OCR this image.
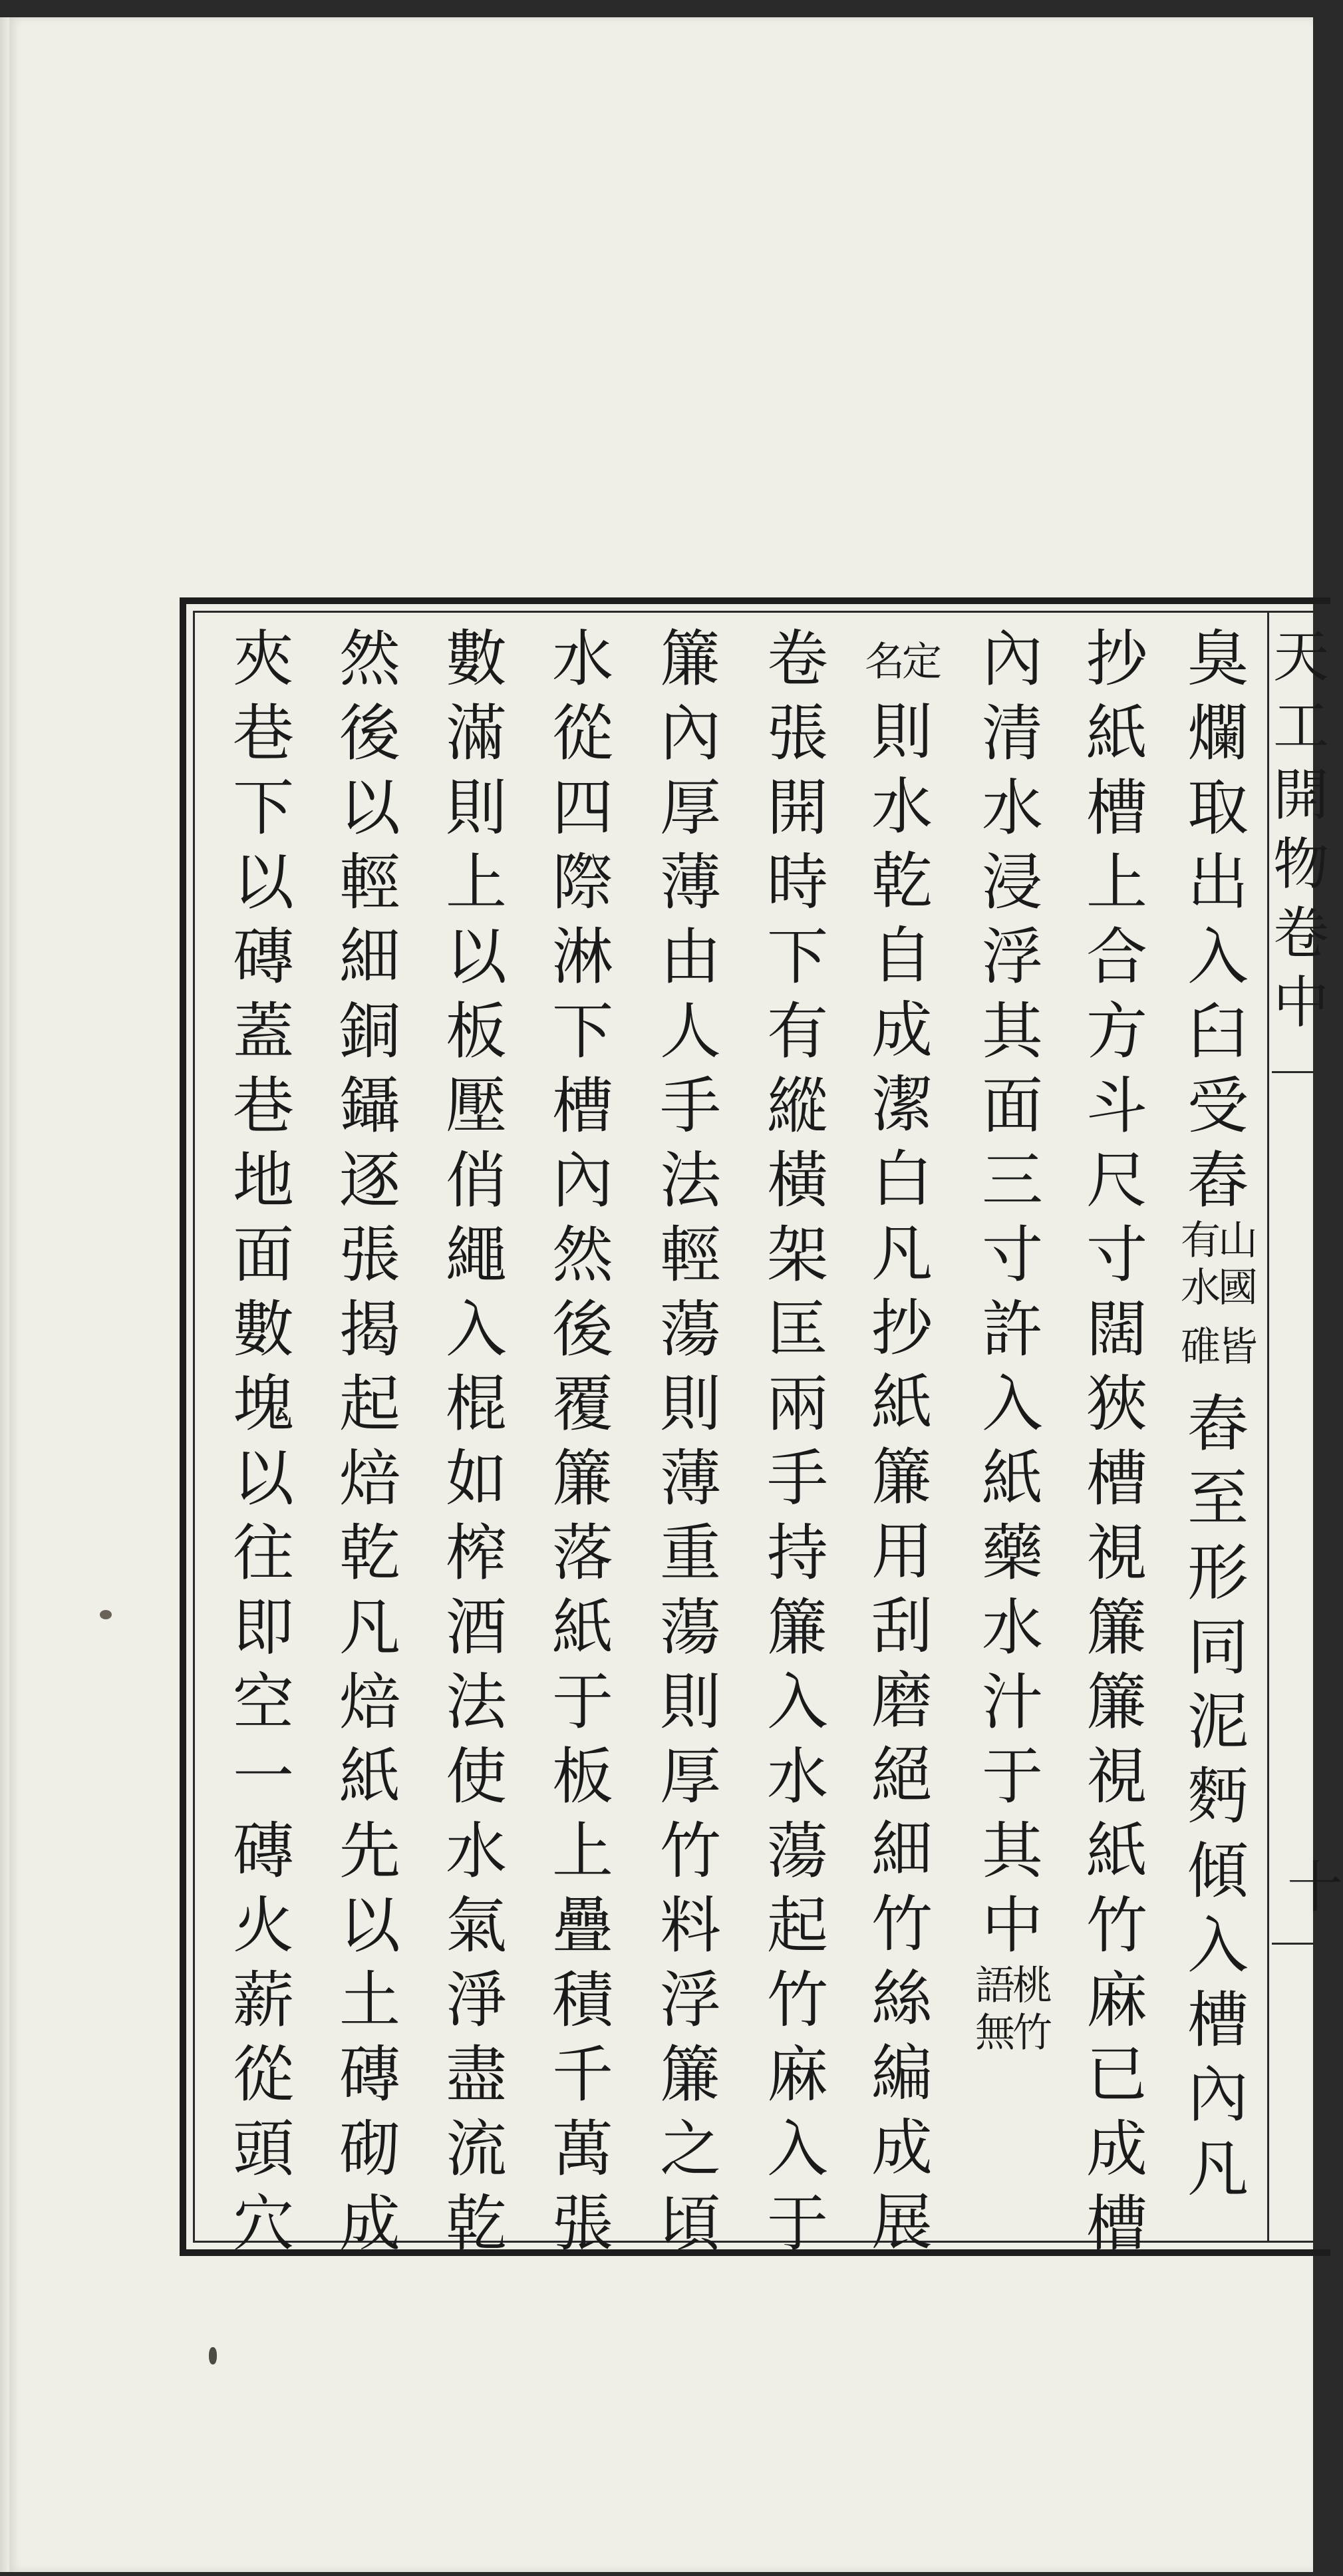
天工開物卷中
十
臭爛取出入臼受舂
山國
有水
皆
碓
舂至形同泥麪傾入槽內凡
抄紙槽上合方斗尺寸闊狹槽視簾簾視紙竹麻已成槽
內清水浸浮其面三寸許入紙藥水汁于其中
桃竹
語無
定
名
則水乾自成潔白凡抄紙簾用刮磨絕細竹絲編成展
卷張開時下有縱橫架匡兩手持簾入水蕩起竹麻入于
簾內厚薄由人手法輕蕩則薄重蕩則厚竹料浮簾之頃
水從四際淋下槽內然後覆簾落紙于板上疊積千萬張
數滿則上以板壓俏繩入棍如榨酒法使水氣淨盡流乾
然後以輕細銅鑷逐張揭起焙乾凡焙紙先以土磚砌成
夾巷下以磚蓋巷地面數塊以往即空一磚火薪從頭穴
